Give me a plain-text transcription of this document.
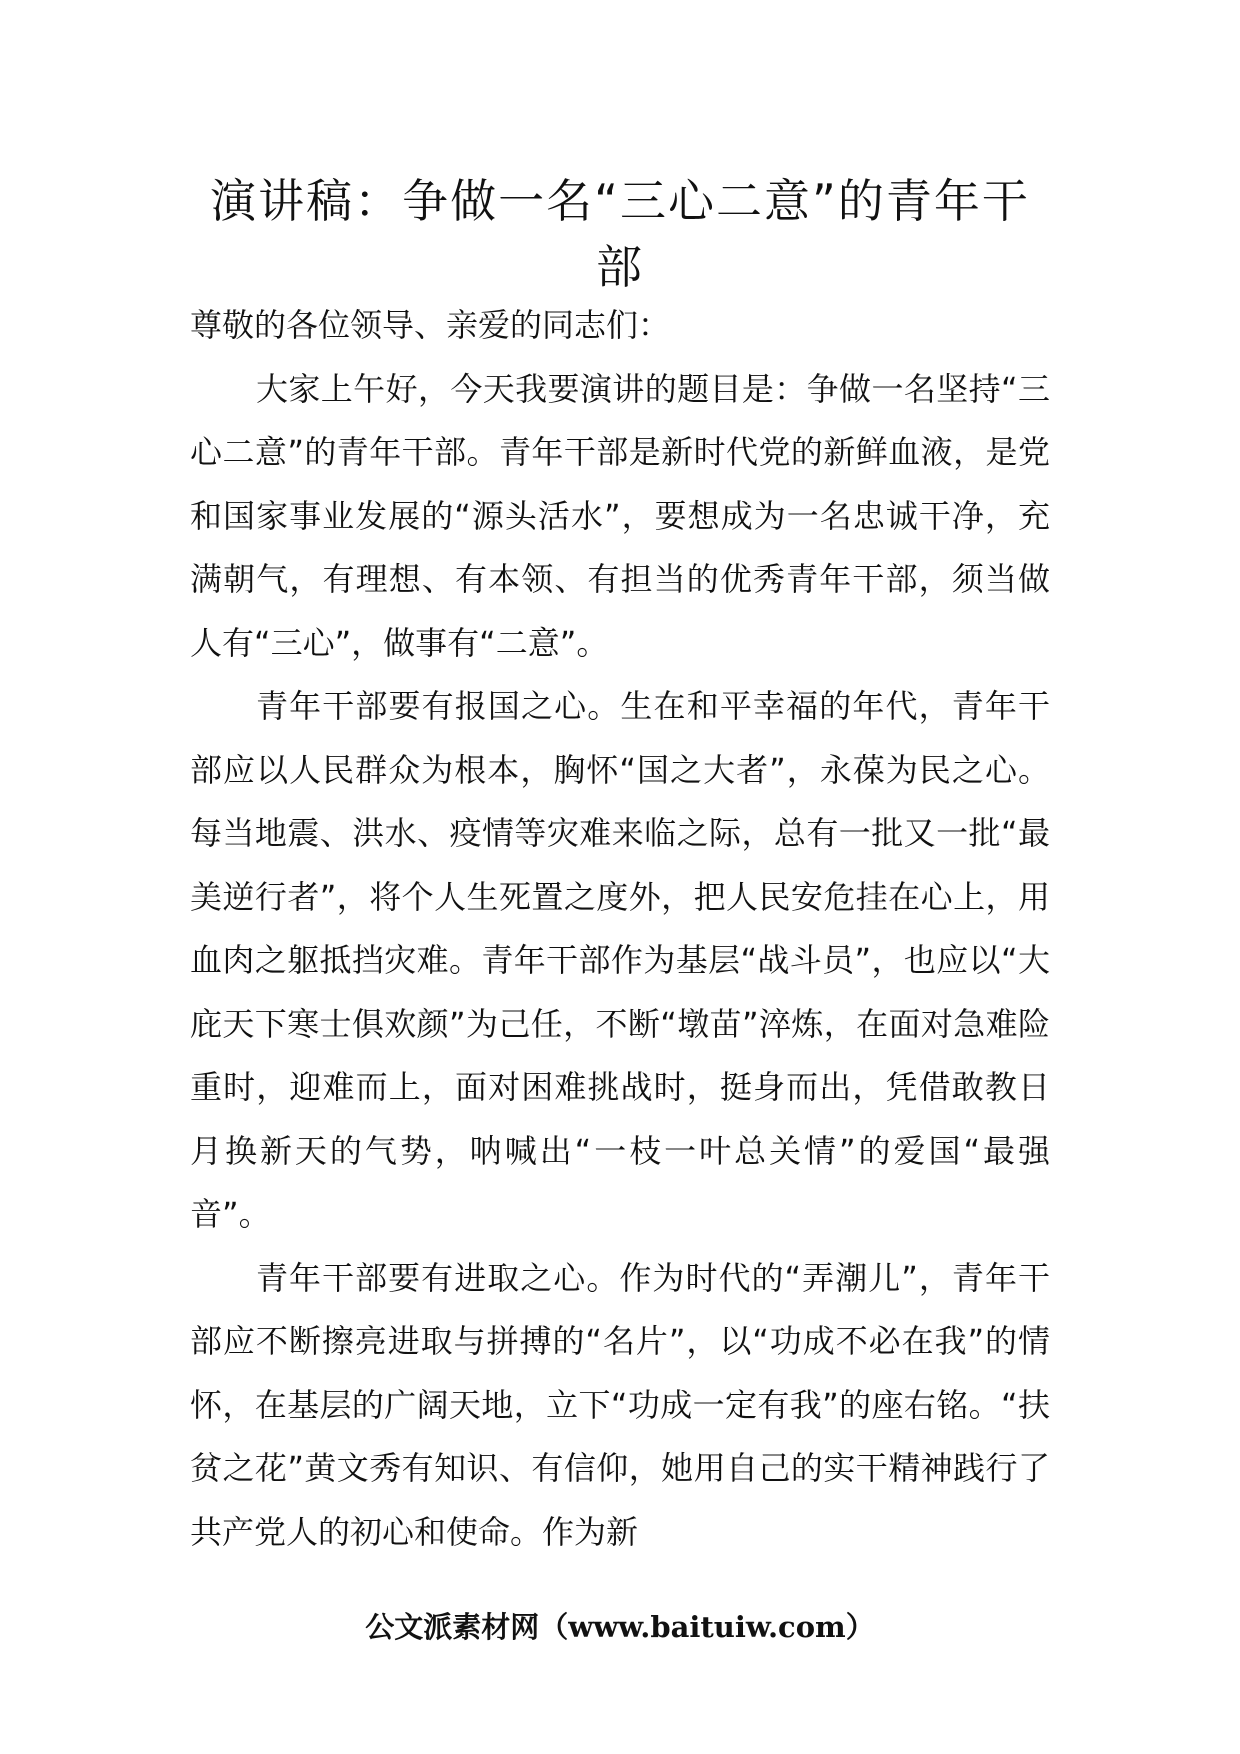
演讲稿：争做一名“三心二意”的青年干部

尊敬的各位领导、亲爱的同志们：

大家上午好，今天我要演讲的题目是：争做一名坚持“三心二意”的青年干部。青年干部是新时代党的新鲜血液，是党和国家事业发展的“源头活水”，要想成为一名忠诚干净，充满朝气，有理想、有本领、有担当的优秀青年干部，须当做人有“三心”，做事有“二意”。

青年干部要有报国之心。生在和平幸福的年代，青年干部应以人民群众为根本，胸怀“国之大者”，永葆为民之心。每当地震、洪水、疫情等灾难来临之际，总有一批又一批“最美逆行者”，将个人生死置之度外，把人民安危挂在心上，用血肉之躯抵挡灾难。青年干部作为基层“战斗员”，也应以“大庇天下寒士俱欢颜”为己任，不断“墩苗”淬炼，在面对急难险重时，迎难而上，面对困难挑战时，挺身而出，凭借敢教日月换新天的气势，呐喊出“一枝一叶总关情”的爱国“最强音”。

青年干部要有进取之心。作为时代的“弄潮儿”，青年干部应不断擦亮进取与拼搏的“名片”，以“功成不必在我”的情怀，在基层的广阔天地，立下“功成一定有我”的座右铭。“扶贫之花”黄文秀有知识、有信仰，她用自己的实干精神践行了共产党人的初心和使命。作为新

公文派素材网（www.baituiw.com）
